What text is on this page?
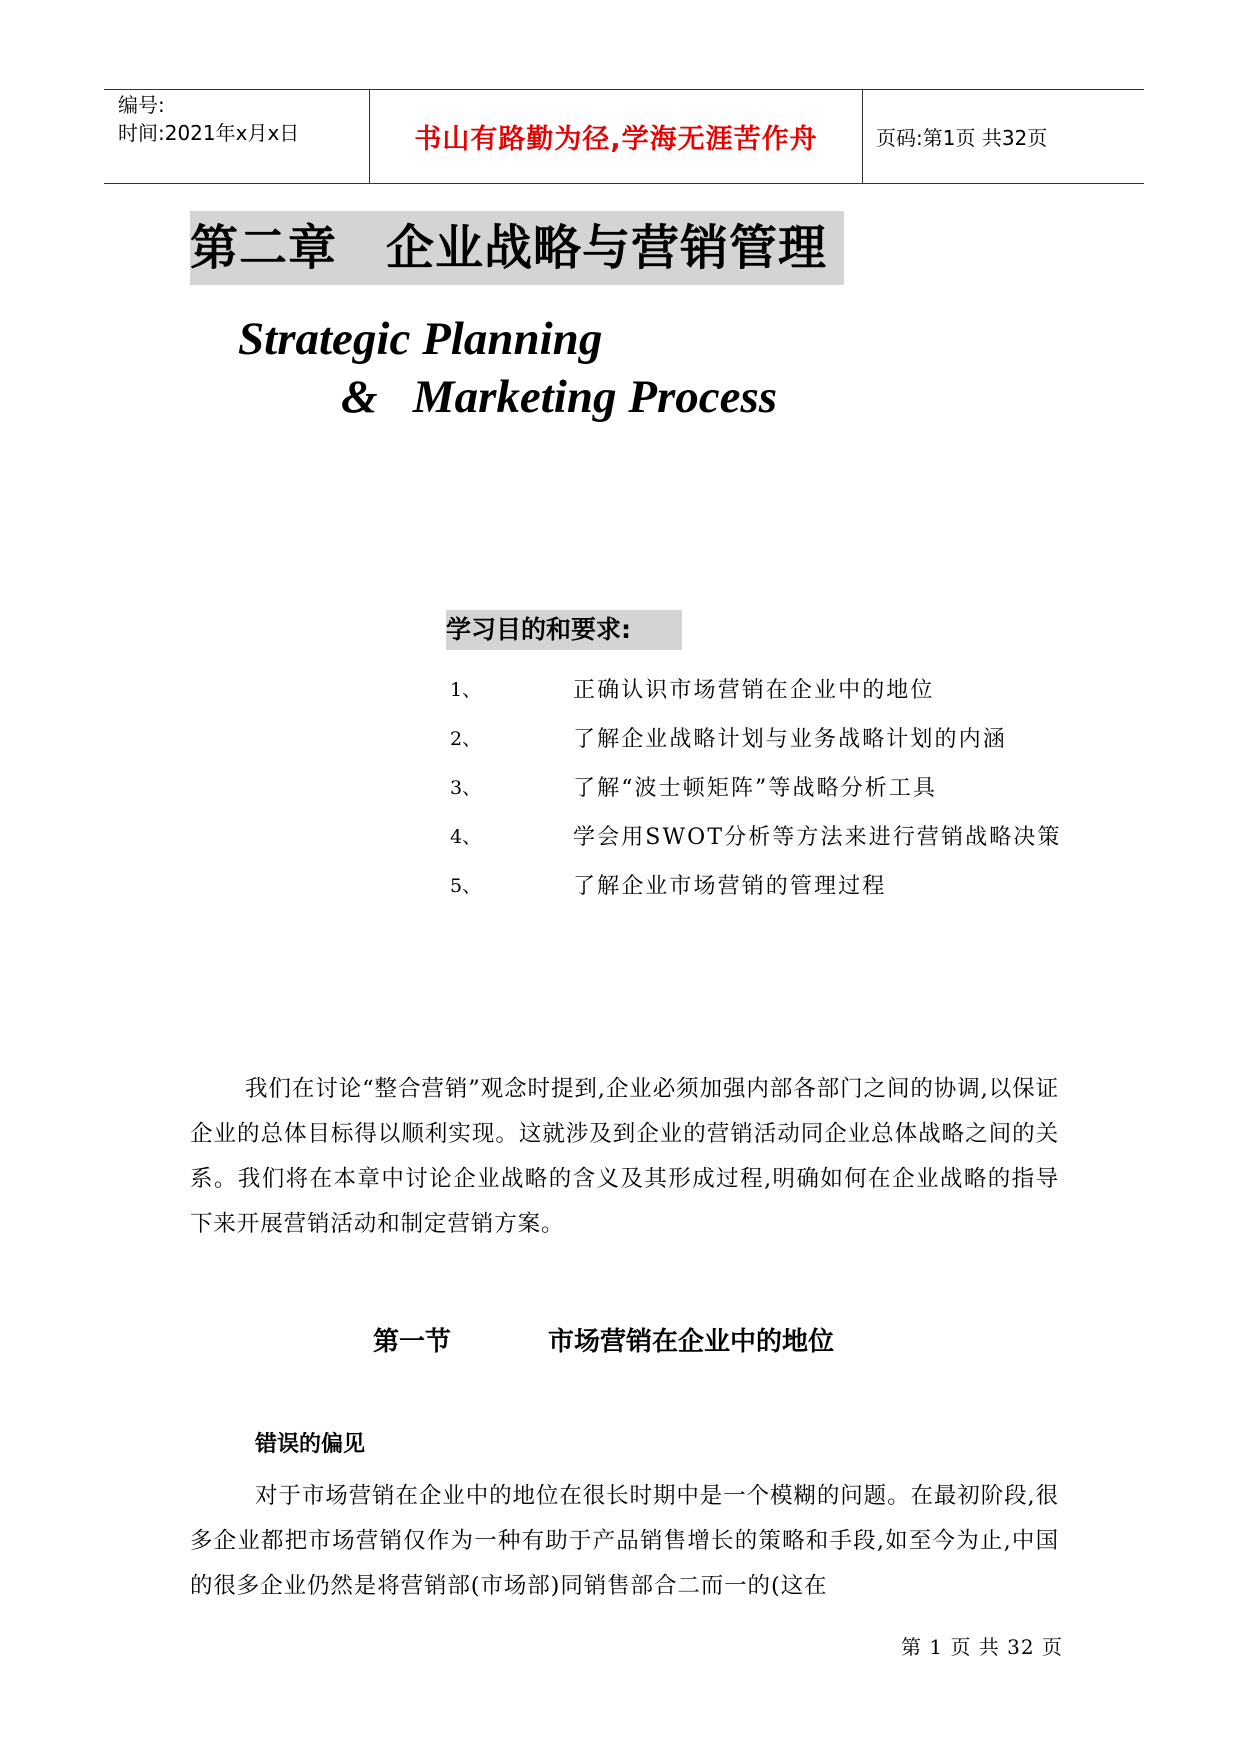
编号:
时间:2021年x月x日	书山有路勤为径,学海无涯苦作舟	页码:第1页 共32页
第二章　企业战略与营销管理
Strategic Planning
&   Marketing Process
学习目的和要求:
1、	正确认识市场营销在企业中的地位
2、	了解企业战略计划与业务战略计划的内涵
3、	了解“波士顿矩阵”等战略分析工具
4、	学会用SWOT分析等方法来进行营销战略决策
5、	了解企业市场营销的管理过程

我们在讨论“整合营销”观念时提到,企业必须加强内部各部门之间的协调,以保证企业的总体目标得以顺利实现。这就涉及到企业的营销活动同企业总体战略之间的关系。我们将在本章中讨论企业战略的含义及其形成过程,明确如何在企业战略的指导下来开展营销活动和制定营销方案。

第一节	市场营销在企业中的地位
错误的偏见

对于市场营销在企业中的地位在很长时期中是一个模糊的问题。在最初阶段,很多企业都把市场营销仅作为一种有助于产品销售增长的策略和手段,如至今为止,中国的很多企业仍然是将营销部(市场部)同销售部合二而一的(这在

第 1 页 共 32 页
